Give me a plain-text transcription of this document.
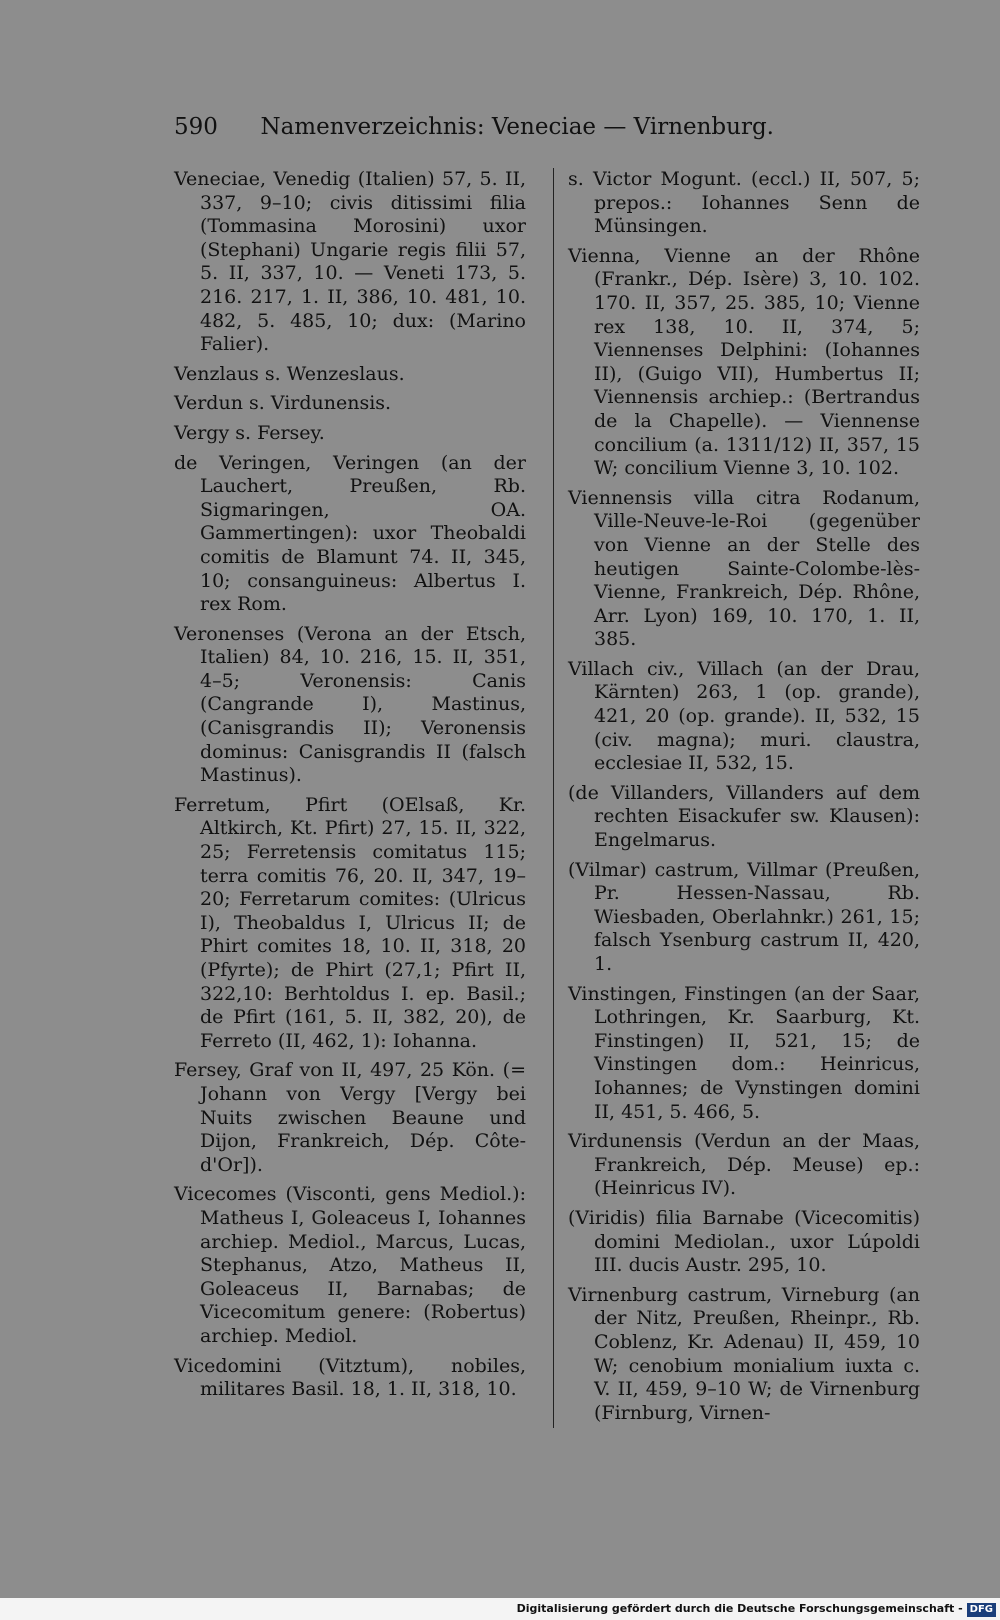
590 Namenverzeichnis: Veneciae — Virnenburg.

Veneciae, Venedig (Italien) 57, 5. II, 337, 9–10; civis ditissimi filia (Tommasina Morosini) uxor (Stephani) Ungarie regis filii 57, 5. II, 337, 10. — Veneti 173, 5. 216. 217, 1. II, 386, 10. 481, 10. 482, 5. 485, 10; dux: (Marino Falier).

Venzlaus s. Wenzeslaus.

Verdun s. Virdunensis.

Vergy s. Fersey.

de Veringen, Veringen (an der Lauchert, Preußen, Rb. Sigmaringen, OA. Gammertingen): uxor Theobaldi comitis de Blamunt 74. II, 345, 10; consanguineus: Albertus I. rex Rom.

Veronenses (Verona an der Etsch, Italien) 84, 10. 216, 15. II, 351, 4–5; Veronensis: Canis (Cangrande I), Mastinus, (Canisgrandis II); Veronensis dominus: Canisgrandis II (falsch Mastinus).

Ferretum, Pfirt (OElsaß, Kr. Altkirch, Kt. Pfirt) 27, 15. II, 322, 25; Ferretensis comitatus 115; terra comitis 76, 20. II, 347, 19–20; Ferretarum comites: (Ulricus I), Theobaldus I, Ulricus II; de Phirt comites 18, 10. II, 318, 20 (Pfyrte); de Phirt (27,1; Pfirt II, 322,10: Berhtoldus I. ep. Basil.; de Pfirt (161, 5. II, 382, 20), de Ferreto (II, 462, 1): Iohanna.

Fersey, Graf von II, 497, 25 Kön. (= Johann von Vergy [Vergy bei Nuits zwischen Beaune und Dijon, Frankreich, Dép. Côte-d'Or]).

Vicecomes (Visconti, gens Mediol.): Matheus I, Goleaceus I, Iohannes archiep. Mediol., Marcus, Lucas, Stephanus, Atzo, Matheus II, Goleaceus II, Barnabas; de Vicecomitum genere: (Robertus) archiep. Mediol.

Vicedomini (Vitztum), nobiles, militares Basil. 18, 1. II, 318, 10.

s. Victor Mogunt. (eccl.) II, 507, 5; prepos.: Iohannes Senn de Münsingen.

Vienna, Vienne an der Rhône (Frankr., Dép. Isère) 3, 10. 102. 170. II, 357, 25. 385, 10; Vienne rex 138, 10. II, 374, 5; Viennenses Delphini: (Iohannes II), (Guigo VII), Humbertus II; Viennensis archiep.: (Bertrandus de la Chapelle). — Viennense concilium (a. 1311/12) II, 357, 15 W; concilium Vienne 3, 10. 102.

Viennensis villa citra Rodanum, Ville-Neuve-le-Roi (gegenüber von Vienne an der Stelle des heutigen Sainte-Colombe-lès-Vienne, Frankreich, Dép. Rhône, Arr. Lyon) 169, 10. 170, 1. II, 385.

Villach civ., Villach (an der Drau, Kärnten) 263, 1 (op. grande), 421, 20 (op. grande). II, 532, 15 (civ. magna); muri. claustra, ecclesiae II, 532, 15.

(de Villanders, Villanders auf dem rechten Eisackufer sw. Klausen): Engelmarus.

(Vilmar) castrum, Villmar (Preußen, Pr. Hessen-Nassau, Rb. Wiesbaden, Oberlahnkr.) 261, 15; falsch Ysenburg castrum II, 420, 1.

Vinstingen, Finstingen (an der Saar, Lothringen, Kr. Saarburg, Kt. Finstingen) II, 521, 15; de Vinstingen dom.: Heinricus, Iohannes; de Vynstingen domini II, 451, 5. 466, 5.

Virdunensis (Verdun an der Maas, Frankreich, Dép. Meuse) ep.: (Heinricus IV).

(Viridis) filia Barnabe (Vicecomitis) domini Mediolan., uxor Lúpoldi III. ducis Austr. 295, 10.

Virnenburg castrum, Virneburg (an der Nitz, Preußen, Rheinpr., Rb. Coblenz, Kr. Adenau) II, 459, 10 W; cenobium monialium iuxta c. V. II, 459, 9–10 W; de Virnenburg (Firnburg, Virnen-

Digitalisierung gefördert durch die Deutsche Forschungsgemeinschaft - DFG
